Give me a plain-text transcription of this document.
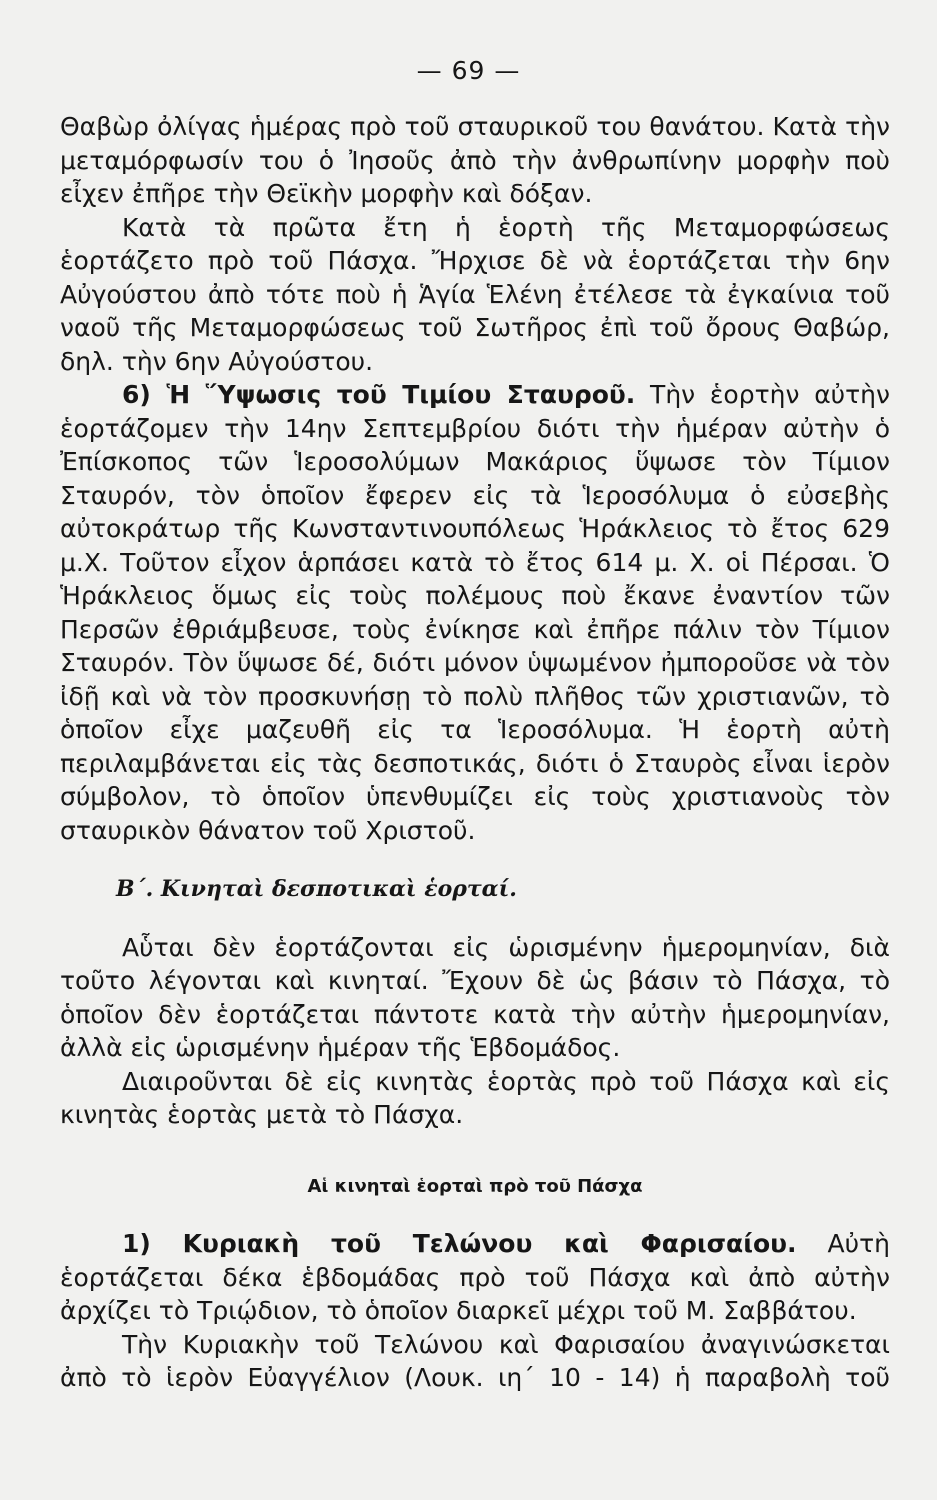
— 69 —

Θαβὼρ ὀλίγας ἡμέρας πρὸ τοῦ σταυρικοῦ του θανάτου. Κατὰ τὴν μεταμόρφωσίν του ὁ Ἰησοῦς ἀπὸ τὴν ἀνθρωπίνην μορφὴν ποὺ εἶχεν ἐπῆρε τὴν Θεϊκὴν μορφὴν καὶ δόξαν.

Κατὰ τὰ πρῶτα ἔτη ἡ ἑορτὴ τῆς Μεταμορφώσεως ἑορτάζετο πρὸ τοῦ Πάσχα. Ἤρχισε δὲ νὰ ἑορτάζεται τὴν 6ην Αὐγούστου ἀπὸ τότε ποὺ ἡ Ἁγία Ἑλένη ἐτέλεσε τὰ ἐγκαίνια τοῦ ναοῦ τῆς Μεταμορφώσεως τοῦ Σωτῆρος ἐπὶ τοῦ ὄρους Θαβώρ, δηλ. τὴν 6ην Αὐγούστου.

6) Ἡ Ὕψωσις τοῦ Τιμίου Σταυροῦ. Τὴν ἑορτὴν αὐτὴν ἑορτάζομεν τὴν 14ην Σεπτεμβρίου διότι τὴν ἡμέραν αὐτὴν ὁ Ἐπίσκοπος τῶν Ἱεροσολύμων Μακάριος ὕψωσε τὸν Τίμιον Σταυρόν, τὸν ὁποῖον ἔφερεν εἰς τὰ Ἱεροσόλυμα ὁ εὐσεβὴς αὐτοκράτωρ τῆς Κωνσταντινουπόλεως Ἡράκλειος τὸ ἔτος 629 μ.Χ. Τοῦτον εἶχον ἁρπάσει κατὰ τὸ ἔτος 614 μ. Χ. οἱ Πέρσαι. Ὁ Ἡράκλειος ὅμως εἰς τοὺς πολέμους ποὺ ἔκανε ἐναντίον τῶν Περσῶν ἐθριάμβευσε, τοὺς ἐνίκησε καὶ ἐπῆρε πάλιν τὸν Τίμιον Σταυρόν. Τὸν ὕψωσε δέ, διότι μόνον ὑψωμένον ἠμποροῦσε νὰ τὸν ἰδῇ καὶ νὰ τὸν προσκυνήσῃ τὸ πολὺ πλῆθος τῶν χριστιανῶν, τὸ ὁποῖον εἶχε μαζευθῆ εἰς τα Ἱεροσόλυμα. Ἡ ἑορτὴ αὐτὴ περιλαμβάνεται εἰς τὰς δεσποτικάς, διότι ὁ Σταυρὸς εἶναι ἱερὸν σύμβολον, τὸ ὁποῖον ὑπενθυμίζει εἰς τοὺς χριστιανοὺς τὸν σταυρικὸν θάνατον τοῦ Χριστοῦ.

Β΄. Κινηταὶ δεσποτικαὶ ἑορταί.

Αὗται δὲν ἑορτάζονται εἰς ὡρισμένην ἡμερομηνίαν, διὰ τοῦτο λέγονται καὶ κινηταί. Ἔχουν δὲ ὡς βάσιν τὸ Πάσχα, τὸ ὁποῖον δὲν ἑορτάζεται πάντοτε κατὰ τὴν αὐτὴν ἡμερομηνίαν, ἀλλὰ εἰς ὡρισμένην ἡμέραν τῆς Ἑβδομάδος.

Διαιροῦνται δὲ εἰς κινητὰς ἑορτὰς πρὸ τοῦ Πάσχα καὶ εἰς κινητὰς ἑορτὰς μετὰ τὸ Πάσχα.

Αἱ κινηταὶ ἑορταὶ πρὸ τοῦ Πάσχα

1) Κυριακὴ τοῦ Τελώνου καὶ Φαρισαίου. Αὐτὴ ἑορτάζεται δέκα ἑβδομάδας πρὸ τοῦ Πάσχα καὶ ἀπὸ αὐτὴν ἀρχίζει τὸ Τριῴδιον, τὸ ὁποῖον διαρκεῖ μέχρι τοῦ Μ. Σαββάτου.

Τὴν Κυριακὴν τοῦ Τελώνου καὶ Φαρισαίου ἀναγινώσκεται ἀπὸ τὸ ἱερὸν Εὐαγγέλιον (Λουκ. ιη΄ 10 - 14) ἡ παραβολὴ τοῦ
